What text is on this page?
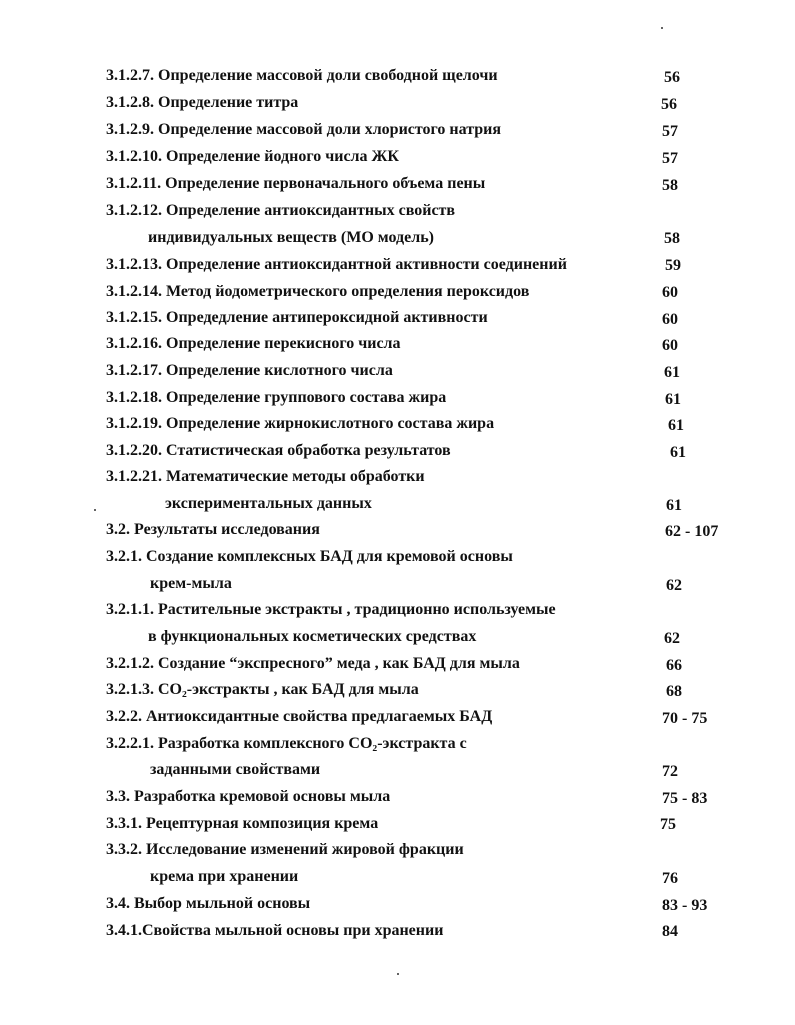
3.1.2.7. Определение массовой доли свободной щелочи	56
3.1.2.8. Определение титра	56
3.1.2.9. Определение массовой доли хлористого натрия	57
3.1.2.10. Определение йодного числа ЖК	57
3.1.2.11. Определение первоначального объема пены	58
3.1.2.12. Определение антиоксидантных свойств
индивидуальных веществ (МО модель)	58
3.1.2.13. Определение антиоксидантной активности соединений	59
3.1.2.14. Метод йодометрического определения пероксидов	60
3.1.2.15. Опредедление антипероксидной активности	60
3.1.2.16. Определение перекисного числа	60
3.1.2.17. Определение кислотного числа	61
3.1.2.18. Определение группового состава жира	61
3.1.2.19. Определение жирнокислотного состава жира	61
3.1.2.20. Статистическая обработка результатов	61
3.1.2.21. Математические методы обработки
экспериментальных данных	61
3.2. Результаты исследования	62 - 107
3.2.1. Создание комплексных БАД для кремовой основы
крем-мыла	62
3.2.1.1. Растительные экстракты , традиционно используемые
в функциональных косметических средствах	62
3.2.1.2. Создание “экспресного” меда , как БАД для мыла	66
3.2.1.3. СО₂-экстракты , как БАД для мыла	68
3.2.2. Антиоксидантные свойства предлагаемых БАД	70 - 75
3.2.2.1. Разработка комплексного СО₂-экстракта с
заданными свойствами	72
3.3. Разработка кремовой основы мыла	75 - 83
3.3.1. Рецептурная композиция крема	75
3.3.2. Исследование изменений жировой фракции
крема при хранении	76
3.4. Выбор мыльной основы	83 - 93
3.4.1.Свойства мыльной основы при хранении	84
